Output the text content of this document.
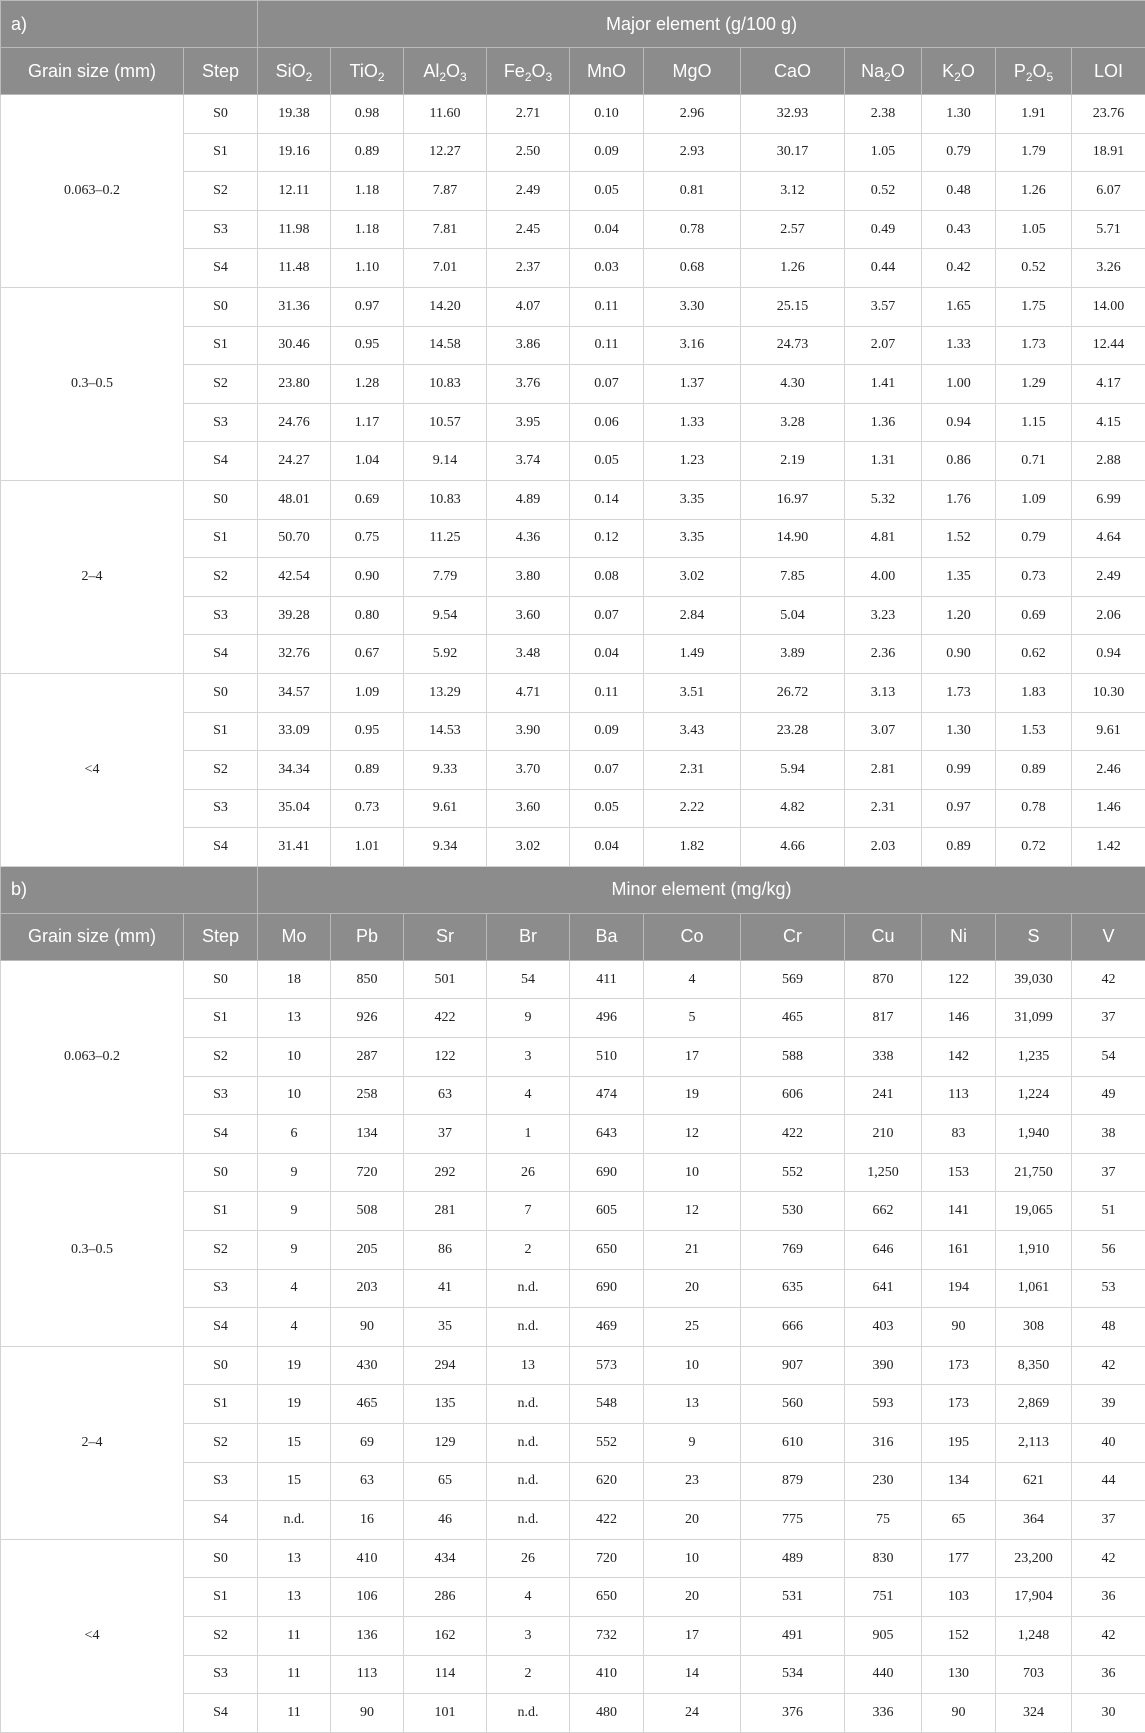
a)		Major element (g/100 g)											
Grain size (mm)	Step	SiO$_2$	TiO$_2$	$Al_2O_3$	$Fe_2O_3$	MnO	MgO	CaO	$Na_2O$	$K_2O$	$P_2O_5$	LOI	
0.063–0.2	S0	19.38	0.98	11.60	2.71	0.10	2.96	32.93	2.38	1.30	1.91	23.76	
	S1	19.16	0.89	12.27	2.50	0.09	2.93	30.17	1.05	0.79	1.79	18.91	
	S2	12.11	1.18	7.87	2.49	0.05	0.81	3.12	0.52	0.48	1.26	6.07	
	S3	11.98	1.18	7.81	2.45	0.04	0.78	2.57	0.49	0.43	1.05	5.71	
	S4	11.48	1.10	7.01	2.37	0.03	0.68	1.26	0.44	0.42	0.52	3.26	
0.3–0.5	S0	31.36	0.97	14.20	4.07	0.11	3.30	25.15	3.57	1.65	1.75	14.00	
	S1	30.46	0.95	14.58	3.86	0.11	3.16	24.73	2.07	1.33	1.73	12.44	
	S2	23.80	1.28	10.83	3.76	0.07	1.37	4.30	1.41	1.00	1.29	4.17	
	S3	24.76	1.17	10.57	3.95	0.06	1.33	3.28	1.36	0.94	1.15	4.15	
	S4	24.27	1.04	9.14	3.74	0.05	1.23	2.19	1.31	0.86	0.71	2.88	
2–4	S0	48.01	0.69	10.83	4.89	0.14	3.35	16.97	5.32	1.76	1.09	6.99	
	S1	50.70	0.75	11.25	4.36	0.12	3.35	14.90	4.81	1.52	0.79	4.64	
	S2	42.54	0.90	7.79	3.80	0.08	3.02	7.85	4.00	1.35	0.73	2.49	
	S3	39.28	0.80	9.54	3.60	0.07	2.84	5.04	3.23	1.20	0.69	2.06	
	S4	32.76	0.67	5.92	3.48	0.04	1.49	3.89	2.36	0.90	0.62	0.94	
<4	S0	34.57	1.09	13.29	4.71	0.11	3.51	26.72	3.13	1.73	1.83	10.30	
	S1	33.09	0.95	14.53	3.90	0.09	3.43	23.28	3.07	1.30	1.53	9.61	
	S2	34.34	0.89	9.33	3.70	0.07	2.31	5.94	2.81	0.99	0.89	2.46	
	S3	35.04	0.73	9.61	3.60	0.05	2.22	4.82	2.31	0.97	0.78	1.46	
	S4	31.41	1.01	9.34	3.02	0.04	1.82	4.66	2.03	0.89	0.72	1.42	
b)		Minor element (mg/kg)											
Grain size (mm)	Step	Mo	Pb	Sr	Br	Ba	Co	Cr	Cu	Ni	S	V	
0.063–0.2	S0	18	850	501	54	411	4	569	870	122	39,030	42	
	S1	13	926	422	9	496	5	465	817	146	31,099	37	
	S2	10	287	122	3	510	17	588	338	142	1,235	54	
	S3	10	258	63	4	474	19	606	241	113	1,224	49	
	S4	6	134	37	1	643	12	422	210	83	1,940	38	
0.3–0.5	S0	9	720	292	26	690	10	552	1,250	153	21,750	37	
	S1	9	508	281	7	605	12	530	662	141	19,065	51	
	S2	9	205	86	2	650	21	769	646	161	1,910	56	
	S3	4	203	41	n.d.	690	20	635	641	194	1,061	53	
	S4	4	90	35	n.d.	469	25	666	403	90	308	48	
2–4	S0	19	430	294	13	573	10	907	390	173	8,350	42	
	S1	19	465	135	n.d.	548	13	560	593	173	2,869	39	
	S2	15	69	129	n.d.	552	9	610	316	195	2,113	40	
	S3	15	63	65	n.d.	620	23	879	230	134	621	44	
	S4	n.d.	16	46	n.d.	422	20	775	75	65	364	37	
<4	S0	13	410	434	26	720	10	489	830	177	23,200	42	
	S1	13	106	286	4	650	20	531	751	103	17,904	36	
	S2	11	136	162	3	732	17	491	905	152	1,248	42	
	S3	11	113	114	2	410	14	534	440	130	703	36	
	S4	11	90	101	n.d.	480	24	376	336	90	324	30	
